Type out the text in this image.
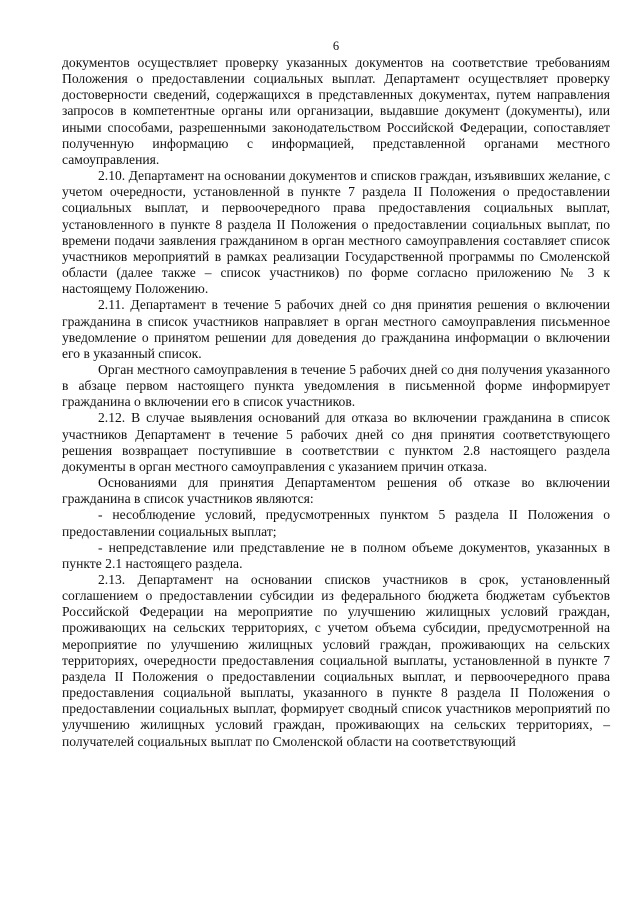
6

документов осуществляет проверку указанных документов на соответствие требованиям Положения о предоставлении социальных выплат. Департамент осуществляет проверку достоверности сведений, содержащихся в представленных документах, путем направления запросов в компетентные органы или организации, выдавшие документ (документы), или иными способами, разрешенными законодательством Российской Федерации, сопоставляет полученную информацию с информацией, представленной органами местного самоуправления.

2.10. Департамент на основании документов и списков граждан, изъявивших желание, с учетом очередности, установленной в пункте 7 раздела II Положения о предоставлении социальных выплат, и первоочередного права предоставления социальных выплат, установленного в пункте 8 раздела II Положения о предоставлении социальных выплат, по времени подачи заявления гражданином в орган местного самоуправления составляет список участников мероприятий в рамках реализации Государственной программы по Смоленской области (далее также – список участников) по форме согласно приложению № 3 к настоящему Положению.

2.11. Департамент в течение 5 рабочих дней со дня принятия решения о включении гражданина в список участников направляет в орган местного самоуправления письменное уведомление о принятом решении для доведения до гражданина информации о включении его в указанный список.

Орган местного самоуправления в течение 5 рабочих дней со дня получения указанного в абзаце первом настоящего пункта уведомления в письменной форме информирует гражданина о включении его в список участников.

2.12. В случае выявления оснований для отказа во включении гражданина в список участников Департамент в течение 5 рабочих дней со дня принятия соответствующего решения возвращает поступившие в соответствии с пунктом 2.8 настоящего раздела документы в орган местного самоуправления с указанием причин отказа.

Основаниями для принятия Департаментом решения об отказе во включении гражданина в список участников являются:

- несоблюдение условий, предусмотренных пунктом 5 раздела II Положения о предоставлении социальных выплат;

- непредставление или представление не в полном объеме документов, указанных в пункте 2.1 настоящего раздела.

2.13. Департамент на основании списков участников в срок, установленный соглашением о предоставлении субсидии из федерального бюджета бюджетам субъектов Российской Федерации на мероприятие по улучшению жилищных условий граждан, проживающих на сельских территориях, с учетом объема субсидии, предусмотренной на мероприятие по улучшению жилищных условий граждан, проживающих на сельских территориях, очередности предоставления социальной выплаты, установленной в пункте 7 раздела II Положения о предоставлении социальных выплат, и первоочередного права предоставления социальной выплаты, указанного в пункте 8 раздела II Положения о предоставлении социальных выплат, формирует сводный список участников мероприятий по улучшению жилищных условий граждан, проживающих на сельских территориях, – получателей социальных выплат по Смоленской области на соответствующий
